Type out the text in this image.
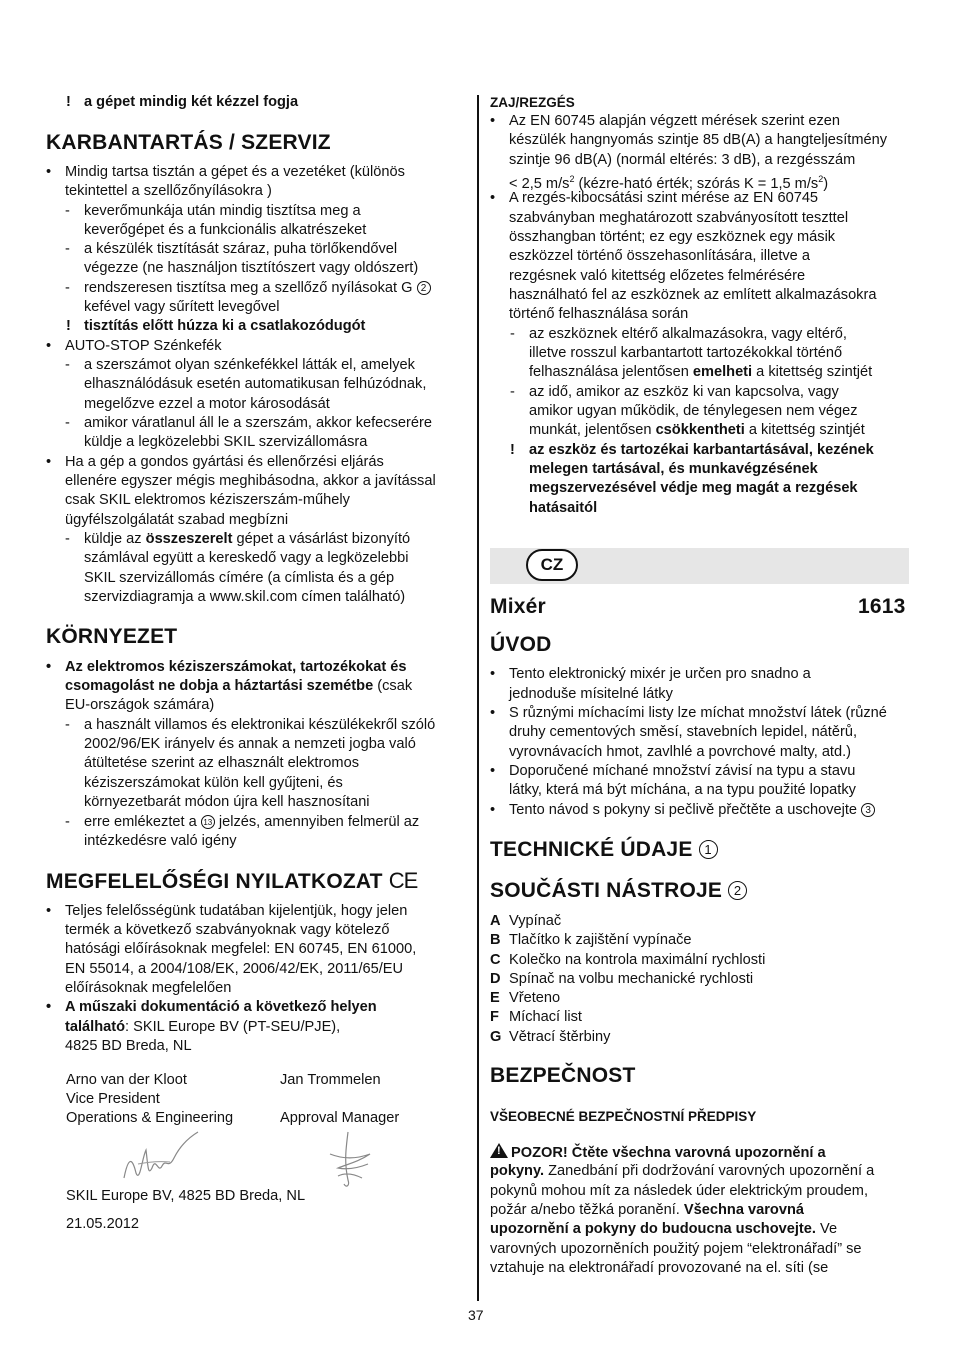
! a gépet mindig két kézzel fogja
KARBANTARTÁS / SZERVIZ
• Mindig tartsa tisztán a gépet és a vezetéket (különös
tekintettel a szellőzőnyílásokra )
- keverőmunkája után mindig tisztítsa meg a
keverőgépet és a funkcionális alkatrészeket
- a készülék tisztítását száraz, puha törlőkendővel
végezze (ne használjon tisztítószert vagy oldószert)
- rendszeresen tisztítsa meg a szellőző nyílásokat G 2
kefével vagy sűrített levegővel
! tisztítás előtt húzza ki a csatlakozódugót
• AUTO-STOP Szénkefék
- a szerszámot olyan szénkefékkel látták el, amelyek
elhasználódásuk esetén automatikusan felhúzódnak,
megelőzve ezzel a motor károsodását
- amikor váratlanul áll le a szerszám, akkor kefecserére
küldje a legközelebbi SKIL szervizállomásra
• Ha a gép a gondos gyártási és ellenőrzési eljárás
ellenére egyszer mégis meghibásodna, akkor a javítással
csak SKIL elektromos kéziszerszám-műhely
ügyfélszolgálatát szabad megbízni
- küldje az összeszerelt gépet a vásárlást bizonyító
számlával együtt a kereskedő vagy a legközelebbi
SKIL szervizállomás címére (a címlista és a gép
szervizdiagramja a www.skil.com címen található)
KÖRNYEZET
• Az elektromos kéziszerszámokat, tartozékokat és
csomagolást ne dobja a háztartási szemétbe (csak
EU-országok számára)
- a használt villamos és elektronikai készülékekről szóló
2002/96/EK irányelv és annak a nemzeti jogba való
átültetése szerint az elhasznált elektromos
kéziszerszámokat külön kell gyűjteni, és
környezetbarát módon újra kell hasznosítani
- erre emlékeztet a 13 jelzés, amennyiben felmerül az
intézkedésre való igény
MEGFELELŐSÉGI NYILATKOZAT CE
• Teljes felelősségünk tudatában kijelentjük, hogy jelen
termék a következő szabványoknak vagy kötelező
hatósági előírásoknak megfelel: EN 60745, EN 61000,
EN 55014, a 2004/108/EK, 2006/42/EK, 2011/65/EU
előírásoknak megfelelően
• A műszaki dokumentáció a következő helyen
található: SKIL Europe BV (PT-SEU/PJE),
4825 BD Breda, NL
Arno van der Kloot
Vice President
Operations & Engineering
Jan Trommelen
Approval Manager
SKIL Europe BV, 4825 BD Breda, NL
21.05.2012
ZAJ/REZGÉS
• Az EN 60745 alapján végzett mérések szerint ezen
készülék hangnyomás szintje 85 dB(A) a hangteljesítmény
szintje 96 dB(A) (normál eltérés: 3 dB), a rezgésszám
< 2,5 $m/s^2$ (kézre-ható érték; szórás K = 1,5 $m/s^2$)
• A rezgés-kibocsátási szint mérése az EN 60745
szabványban meghatározott szabványosított teszttel
összhangban történt; ez egy eszköznek egy másik
eszközzel történő összehasonlítására, illetve a
rezgésnek való kitettség előzetes felmérésére
használható fel az eszköznek az említett alkalmazásokra
történő felhasználása során
- az eszköznek eltérő alkalmazásokra, vagy eltérő,
illetve rosszul karbantartott tartozékokkal történő
felhasználása jelentősen emelheti a kitettség szintjét
- az idő, amikor az eszköz ki van kapcsolva, vagy
amikor ugyan működik, de ténylegesen nem végez
munkát, jelentősen csökkentheti a kitettség szintjét
! az eszköz és tartozékai karbantartásával, kezének
melegen tartásával, és munkavégzésének
megszervezésével védje meg magát a rezgések
hatásaitól
CZ
Mixér	1613
ÚVOD
• Tento elektronický mixér je určen pro snadno a
jednoduše mísitelné látky
• S různými míchacími listy lze míchat množství látek (různé
druhy cementových směsí, stavebních lepidel, nátěrů,
vyrovnávacích hmot, zavlhlé a povrchové malty, atd.)
• Doporučené míchané množství závisí na typu a stavu
látky, která má být míchána, a na typu použité lopatky
• Tento návod s pokyny si pečlivě přečtěte a uschovejte 3
TECHNICKÉ ÚDAJE 1
SOUČÁSTI NÁSTROJE 2
A Vypínač
B Tlačítko k zajištění vypínače
C Kolečko na kontrola maximální rychlosti
D Spínač na volbu mechanické rychlosti
E Vřeteno
F Míchací list
G Větrací štěrbiny
BEZPEČNOST
VŠEOBECNÉ BEZPEČNOSTNÍ PŘEDPISY
! POZOR! Čtěte všechna varovná upozornění a
pokyny. Zanedbání při dodržování varovných upozornění a
pokynů mohou mít za následek úder elektrickým proudem,
požár a/nebo těžká poranění. Všechna varovná
upozornění a pokyny do budoucna uschovejte. Ve
varovných upozorněních použitý pojem “elektronářadí” se
vztahuje na elektronářadí provozované na el. síti (se
37
